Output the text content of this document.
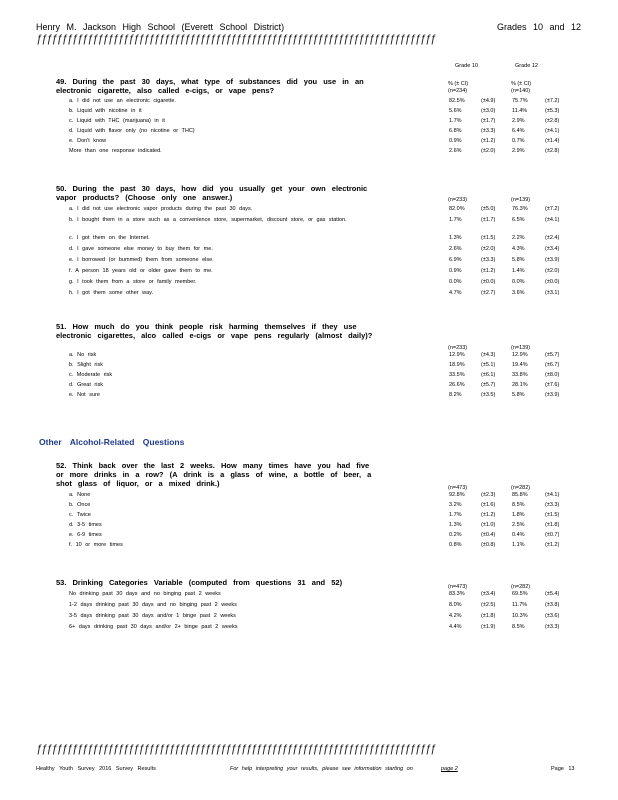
Henry M. Jackson High School (Everett School District)	Grades 10 and 12
ƒƒƒƒƒƒƒƒƒƒƒƒƒƒƒƒƒƒƒƒƒƒƒƒƒƒƒƒƒƒƒƒƒƒƒƒƒƒƒƒƒƒƒƒƒƒƒƒƒƒƒƒƒƒƒƒƒƒƒƒƒƒƒƒƒƒƒƒƒƒƒƒƒƒƒƒƒƒ
Grade 10	Grade 12
49. During the past 30 days, what type of substances did you use in an electronic cigarette, also called e-cigs, or vape pens?
% (± CI)
(n=234)
% (± CI)
(n=140)
a. I did not use an electronic cigarette.	82.5%	(±4.9)	75.7%	(±7.2)
b. Liquid with nicotine in it	5.6%	(±3.0)	11.4%	(±5.3)
c. Liquid with THC (marijuana) in it	1.7%	(±1.7)	2.9%	(±2.8)
d. Liquid with flavor only (no nicotine or THC)	6.8%	(±3.3)	6.4%	(±4.1)
e. Don't know	0.9%	(±1.2)	0.7%	(±1.4)
More than one response indicated.	2.6%	(±2.0)	2.9%	(±2.8)
50. During the past 30 days, how did you usually get your own electronic vapor products? (Choose only one answer.)	(n=233)	(n=139)
a. I did not use electronic vapor products during the past 30 days.	82.0%	(±5.0)	76.3%	(±7.2)
b. I bought them in a store such as a convenience store, supermarket, discount store, or gas station.	1.7%	(±1.7)	6.5%	(±4.1)
c. I got them on the Internet.	1.3%	(±1.5)	2.2%	(±2.4)
d. I gave someone else money to buy them for me.	2.6%	(±2.0)	4.3%	(±3.4)
e. I borrowed (or bummed) them from someone else.	6.9%	(±3.3)	5.8%	(±3.9)
f. A person 18 years old or older gave them to me.	0.9%	(±1.2)	1.4%	(±2.0)
g. I took them from a store or family member.	0.0%	(±0.0)	0.0%	(±0.0)
h. I got them some other way.	4.7%	(±2.7)	3.6%	(±3.1)
51. How much do you think people risk harming themselves if they use electronic cigarettes, alco called e-cigs or vape pens regularly (almost daily)?
(n=233)	(n=139)
a. No risk	12.9%	(±4.3)	12.9%	(±5.7)
b. Slight risk	18.9%	(±5.1)	19.4%	(±6.7)
c. Moderate risk	33.5%	(±6.1)	33.8%	(±8.0)
d. Great risk	26.6%	(±5.7)	28.1%	(±7.6)
e. Not sure	8.2%	(±3.5)	5.8%	(±3.9)
Other Alcohol-Related Questions
52. Think back over the last 2 weeks. How many times have you had five or more drinks in a row? (A drink is a glass of wine, a bottle of beer, a shot glass of liquor, or a mixed drink.)	(n=473)	(n=282)
a. None	92.8%	(±2.3)	85.8%	(±4.1)
b. Once	3.2%	(±1.6)	8.5%	(±3.3)
c. Twice	1.7%	(±1.2)	1.8%	(±1.5)
d. 3-5 times	1.3%	(±1.0)	2.5%	(±1.8)
e. 6-9 times	0.2%	(±0.4)	0.4%	(±0.7)
f. 10 or more times	0.8%	(±0.8)	1.1%	(±1.2)
53. Drinking Categories Variable (computed from questions 31 and 52)	(n=473)	(n=282)
No drinking past 30 days and no binging past 2 weeks	83.3%	(±3.4)	69.5%	(±5.4)
1-2 days drinking past 30 days and no binging past 2 weeks	8.0%	(±2.5)	11.7%	(±3.8)
3-5 days drinking past 30 days and/or 1 binge past 2 weeks	4.2%	(±1.8)	10.3%	(±3.6)
6+ days drinking past 30 days and/or 2+ binge past 2 weeks	4.4%	(±1.9)	8.5%	(±3.3)
ƒƒƒƒƒƒƒƒƒƒƒƒƒƒƒƒƒƒƒƒƒƒƒƒƒƒƒƒƒƒƒƒƒƒƒƒƒƒƒƒƒƒƒƒƒƒƒƒƒƒƒƒƒƒƒƒƒƒƒƒƒƒƒƒƒƒƒƒƒƒƒƒƒƒƒƒƒƒ
Healthy Youth Survey 2016 Survey Results	For help interpreting your results, please see information starting on	page 2	Page 13
